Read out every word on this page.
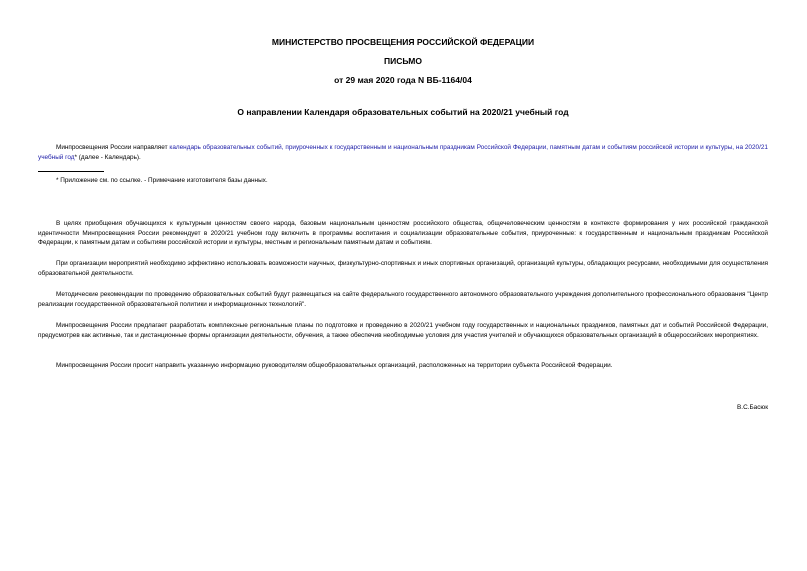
МИНИСТЕРСТВО ПРОСВЕЩЕНИЯ РОССИЙСКОЙ ФЕДЕРАЦИИ

ПИСЬМО

от 29 мая 2020 года N ВБ-1164/04

О направлении Календаря образовательных событий на 2020/21 учебный год

Минпросвещения России направляет календарь образовательных событий, приуроченных к государственным и национальным праздникам Российской Федерации, памятным датам и событиям российской истории и культуры, на 2020/21 учебный год* (далее - Календарь).

* Приложение см. по ссылке. - Примечание изготовителя базы данных.

В целях приобщения обучающихся к культурным ценностям своего народа, базовым национальным ценностям российского общества, общечеловеческим ценностям в контексте формирования у них российской гражданской идентичности Минпросвещения России рекомендует в 2020/21 учебном году включить в программы воспитания и социализации образовательные события, приуроченные: к государственным и национальным праздникам Российской Федерации, к памятным датам и событиям российской истории и культуры, местным и региональным памятным датам и событиям.

При организации мероприятий необходимо эффективно использовать возможности научных, физкультурно-спортивных и иных спортивных организаций, организаций культуры, обладающих ресурсами, необходимыми для осуществления образовательной деятельности.

Методические рекомендации по проведению образовательных событий будут размещаться на сайте федерального государственного автономного образовательного учреждения дополнительного профессионального образования "Центр реализации государственной образовательной политики и информационных технологий".

Минпросвещения России предлагает разработать комплексные региональные планы по подготовке и проведению в 2020/21 учебном году государственных и национальных праздников, памятных дат и событий Российской Федерации, предусмотрев как активные, так и дистанционные формы организации деятельности, обучения, а также обеспечив необходимые условия для участия учителей и обучающихся образовательных организаций в общероссийских мероприятиях.

Минпросвещения России просит направить указанную информацию руководителям общеобразовательных организаций, расположенных на территории субъекта Российской Федерации.

В.С.Басюк
